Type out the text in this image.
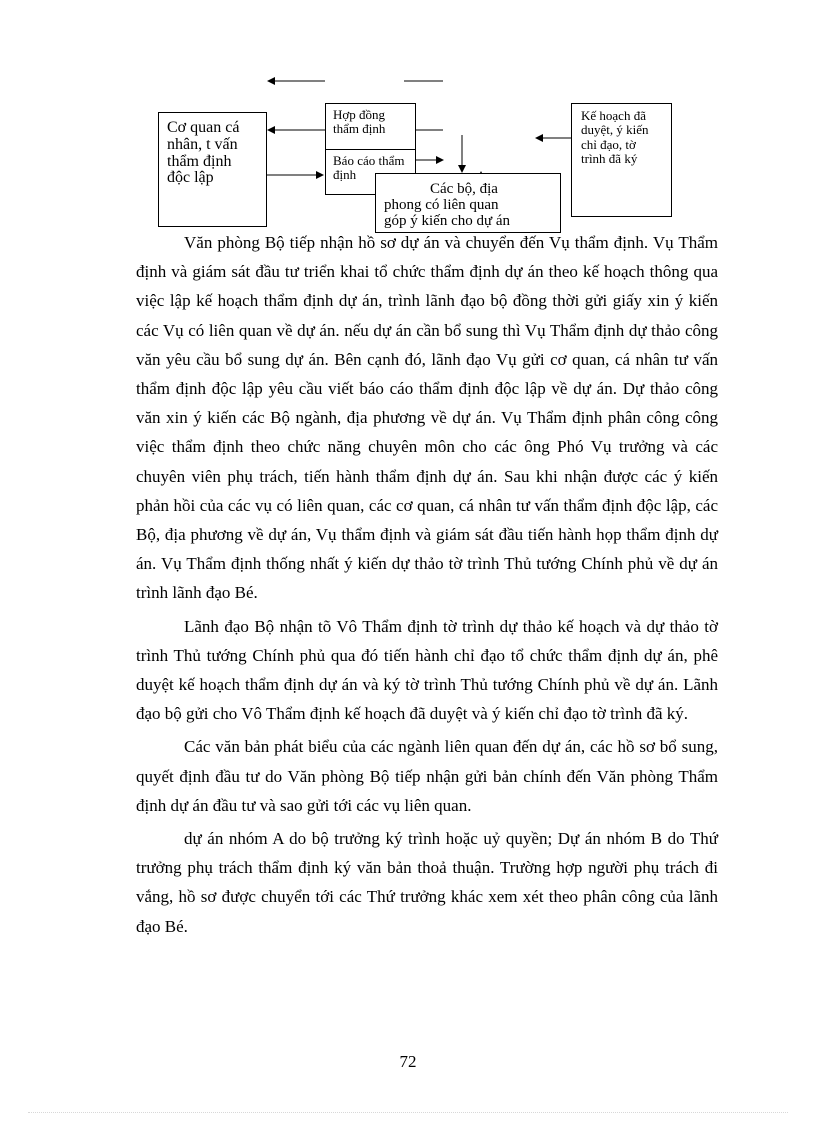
Cơ quan cá nhân, t vấn thẩm định độc lập
Hợp đồng thẩm định
Báo cáo thẩm định
Kế hoạch đã duyệt, ý kiến chỉ đạo, tờ trình đã ký
Các bộ, địa
phong có liên quan
góp ý kiến cho dự án

Văn phòng Bộ tiếp nhận hồ sơ dự án và chuyển đến Vụ thẩm định. Vụ Thẩm định và giám sát đầu tư triển khai tổ chức thẩm định dự án theo kế hoạch thông qua việc lập kế hoạch thẩm định dự án, trình lãnh đạo bộ đồng thời gửi giấy xin ý kiến các Vụ có liên quan về dự án. nếu dự án cần bổ sung thì Vụ Thẩm định dự thảo công văn yêu cầu bổ sung dự án. Bên cạnh đó, lãnh đạo Vụ gửi cơ quan, cá nhân tư vấn thẩm định độc lập yêu cầu viết báo cáo thẩm định độc lập về dự án. Dự thảo công văn xin ý kiến các Bộ ngành, địa phương về dự án. Vụ Thẩm định phân công công việc thẩm định theo chức năng chuyên môn cho các ông Phó Vụ trưởng và các chuyên viên phụ trách, tiến hành thẩm định dự án. Sau khi nhận được các ý kiến phản hồi của các vụ có liên quan, các cơ quan, cá nhân tư vấn thẩm định độc lập, các Bộ, địa phương về dự án, Vụ thẩm định và giám sát đầu tiến hành họp thẩm định dự án. Vụ Thẩm định thống nhất ý kiến dự thảo tờ trình Thủ tướng Chính phủ về dự án trình lãnh đạo Bé.

Lãnh đạo Bộ nhận tõ Vô Thẩm định tờ trình dự thảo kế hoạch và dự thảo tờ trình Thủ tướng Chính phủ qua đó tiến hành chỉ đạo tổ chức thẩm định dự án, phê duyệt kế hoạch thẩm định dự án và ký tờ trình Thủ tướng Chính phủ về dự án. Lãnh đạo bộ gửi cho Vô Thẩm định kế hoạch đã duyệt và ý kiến chỉ đạo tờ trình đã ký.

Các văn bản phát biểu của các ngành liên quan đến dự án, các hồ sơ bổ sung, quyết định đầu tư do Văn phòng Bộ tiếp nhận gửi bản chính đến Văn phòng Thẩm định dự án đầu tư và sao gửi tới các vụ liên quan.

dự án nhóm A do bộ trưởng ký trình hoặc uỷ quyền; Dự án nhóm B do Thứ trưởng phụ trách thẩm định ký văn bản thoả thuận. Trường hợp người phụ trách đi vắng, hồ sơ được chuyển tới các Thứ trưởng khác xem xét theo phân công của lãnh đạo Bé.

72
